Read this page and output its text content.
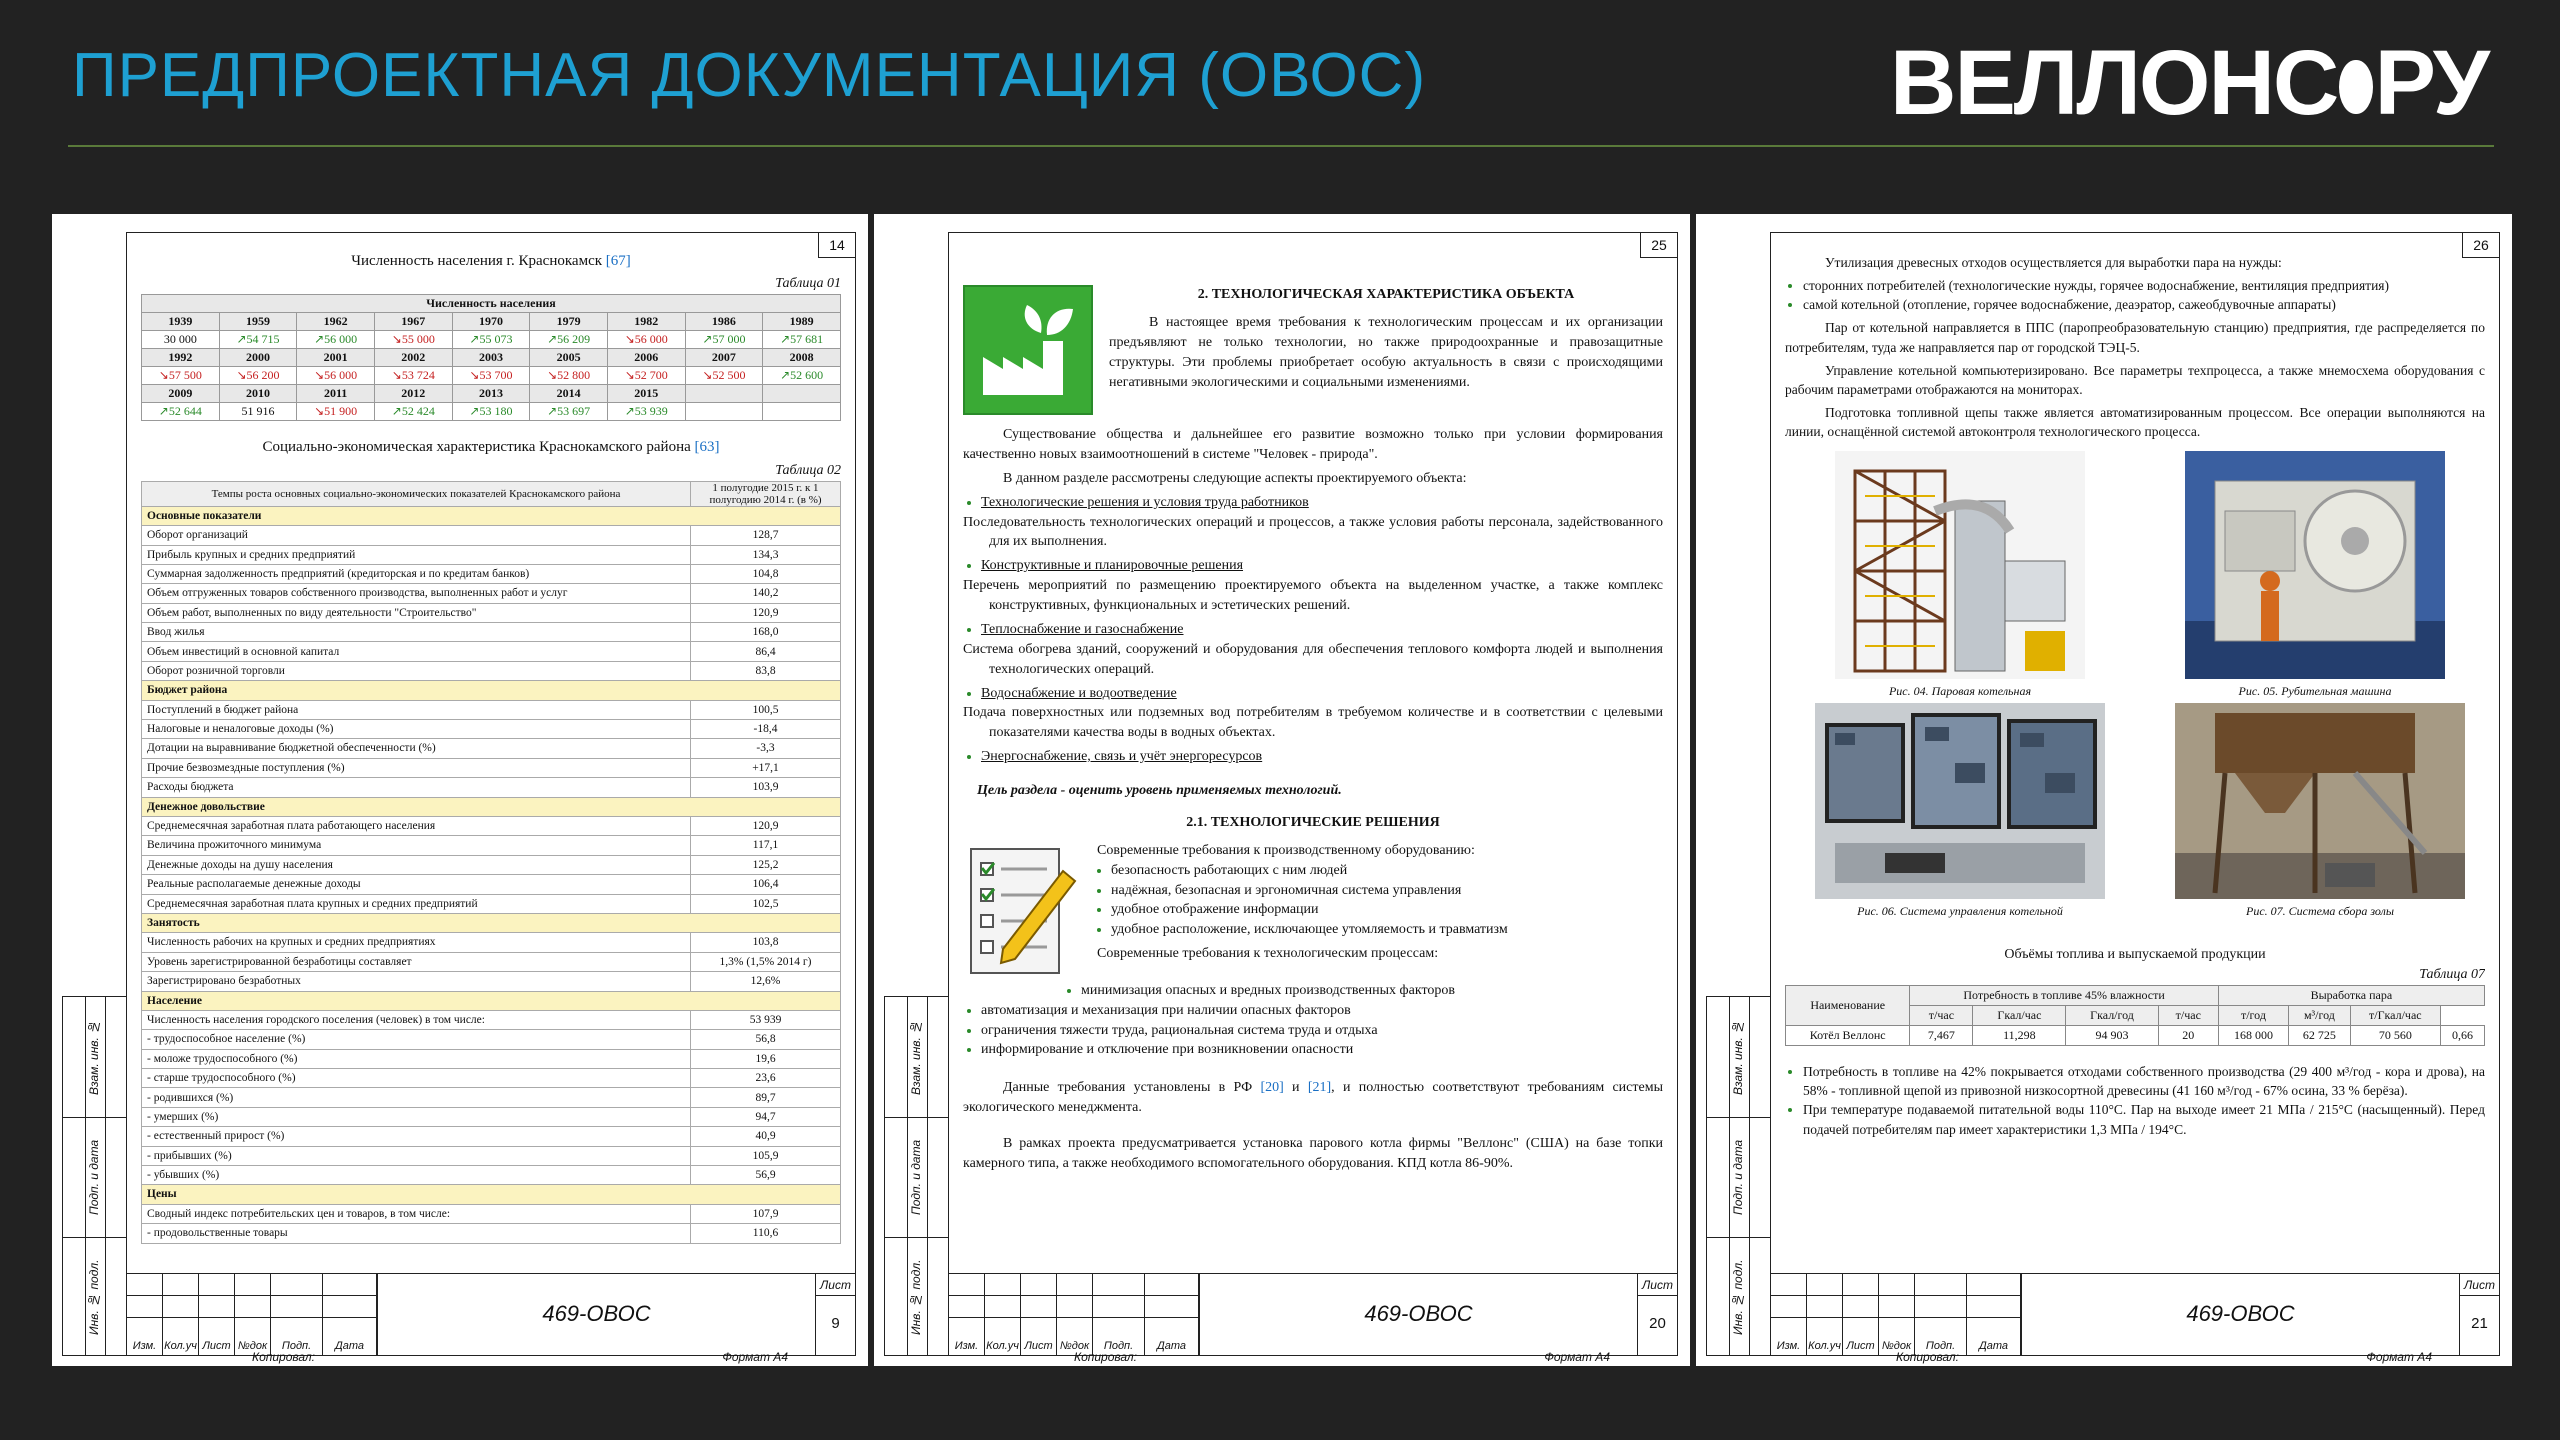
ПРЕДПРОЕКТНАЯ ДОКУМЕНТАЦИЯ (ОВОС)	ВЕЛЛОНС РУ
Инв. № подл.
Подп. и дата
Взам. инв. №
14
Численность населения г. Краснокамск [67]
Таблица 01
Численность населения								
1939	1959	1962	1967	1970	1979	1982	1986	1989
30 000	↗54 715	↗56 000	↘55 000	↗55 073	↗56 209	↘56 000	↗57 000	↗57 681
1992	2000	2001	2002	2003	2005	2006	2007	2008
↘57 500	↘56 200	↘56 000	↘53 724	↘53 700	↘52 800	↘52 700	↘52 500	↗52 600
2009	2010	2011	2012	2013	2014	2015		
↗52 644	51 916	↘51 900	↗52 424	↗53 180	↗53 697	↗53 939		
Социально-экономическая характеристика Краснокамского района [63]
Таблица 02
Темпы роста основных социально-экономических показателей Краснокамского района	1 полугодие 2015 г. к 1 полугодию 2014 г. (в %)
Основные показатели	
Оборот организаций	128,7
Прибыль крупных и средних предприятий	134,3
Суммарная задолженность предприятий (кредиторская и по кредитам банков)	104,8
Объем отгруженных товаров собственного производства, выполненных работ и услуг	140,2
Объем работ, выполненных по виду деятельности "Строительство"	120,9
Ввод жилья	168,0
Объем инвестиций в основной капитал	86,4
Оборот розничной торговли	83,8
Бюджет района	
Поступлений в бюджет района	100,5
Налоговые и неналоговые доходы (%)	-18,4
Дотации на выравнивание бюджетной обеспеченности (%)	-3,3
Прочие безвозмездные поступления (%)	+17,1
Расходы бюджета	103,9
Денежное довольствие	
Среднемесячная заработная плата работающего населения	120,9
Величина прожиточного минимума	117,1
Денежные доходы на душу населения	125,2
Реальные располагаемые денежные доходы	106,4
Среднемесячная заработная плата крупных и средних предприятий	102,5
Занятость	
Численность рабочих на крупных и средних предприятиях	103,8
Уровень зарегистрированной безработицы составляет	1,3% (1,5% 2014 г)
Зарегистрировано безработных	12,6%
Население	
Численность населения городского поселения (человек) в том числе:	53 939
- трудоспособное население (%)	56,8
- моложе трудоспособного (%)	19,6
- старше трудоспособного (%)	23,6
- родившихся (%)	89,7
- умерших (%)	94,7
- естественный прирост (%)	40,9
- прибывших (%)	105,9
- убывших (%)	56,9
Цены	
Сводный индекс потребительских цен и товаров, в том числе:	107,9
- продовольственные товары	110,6
Изм. Кол.уч Лист №док	Подп.	Дата
469-ОВОС
Лист
9
Копировал:	Формат А4
Инв. № подл.
Подп. и дата
Взам. инв. №
25
2. ТЕХНОЛОГИЧЕСКАЯ ХАРАКТЕРИСТИКА ОБЪЕКТА

В настоящее время требования к технологическим процессам и их организации предъявляют не только технологии, но также природоохранные и правозащитные структуры. Эти проблемы приобретает особую актуальность в связи с происходящими негативными экологическими и социальными изменениями.

Существование общества и дальнейшее его развитие возможно только при условии формирования качественно новых взаимоотношений в системе "Человек - природа".

В данном разделе рассмотрены следующие аспекты проектируемого объекта:

• Технологические решения и условия труда работников

Последовательность технологических операций и процессов, а также условия работы персонала, задействованного для их выполнения.

• Конструктивные и планировочные решения

Перечень мероприятий по размещению проектируемого объекта на выделенном участке, а также комплекс конструктивных, функциональных и эстетических решений.

• Теплоснабжение и газоснабжение

Система обогрева зданий, сооружений и оборудования для обеспечения теплового комфорта людей и выполнения технологических операций.

• Водоснабжение и водоотведение

Подача поверхностных или подземных вод потребителям в требуемом количестве и в соответствии с целевыми показателями качества воды в водных объектах.

• Энергоснабжение, связь и учёт энергоресурсов

Цель раздела - оценить уровень применяемых технологий.

2.1. ТЕХНОЛОГИЧЕСКИЕ РЕШЕНИЯ
Современные требования к производственному оборудованию:
• безопасность работающих с ним людей
• надёжная, безопасная и эргономичная система управления
• удобное отображение информации
• удобное расположение, исключающее утомляемость и травматизм
Современные требования к технологическим процессам:
• минимизация опасных и вредных производственных факторов
• автоматизация и механизация при наличии опасных факторов
• ограничения тяжести труда, рациональная система труда и отдыха
• информирование и отключение при возникновении опасности

Данные требования установлены в РФ [20] и [21], и полностью соответствуют требованиям системы экологического менеджмента.

В рамках проекта предусматривается установка парового котла фирмы "Веллонс" (США) на базе топки камерного типа, а также необходимого вспомогательного оборудования. КПД котла 86-90%.

Изм. Кол.уч Лист №док	Подп.	Дата
469-ОВОС
Лист
20
Копировал:	Формат А4
Инв. № подл.
Подп. и дата
Взам. инв. №
26

Утилизация древесных отходов осуществляется для выработки пара на нужды:

• сторонних потребителей (технологические нужды, горячее водоснабжение, вентиляция предприятия)
• самой котельной (отопление, горячее водоснабжение, деаэратор, сажеобдувочные аппараты)

Пар от котельной направляется в ППС (паропреобразовательную станцию) предприятия, где распределяется по потребителям, туда же направляется пар от городской ТЭЦ-5.

Управление котельной компьютеризировано. Все параметры техпроцесса, а также мнемосхема оборудования с рабочим параметрами отображаются на мониторах.

Подготовка топливной щепы также является автоматизированным процессом. Все операции выполняются на линии, оснащённой системой автоконтроля технологического процесса.

Рис. 04. Паровая котельная	Рис. 05. Рубительная машина
Рис. 06. Система управления котельной	Рис. 07. Система сбора золы
Объёмы топлива и выпускаемой продукции
Таблица 07
Наименование	Потребность в топливе 45% влажности				Выработка пара			
	т/час	Гкал/час	Гкал/год	т/час	т/год	м³/год	т/Гкал/час	
Котёл Веллонс	7,467	11,298	94 903	20	168 000	62 725	70 560	0,66
• Потребность в топливе на 42% покрывается отходами собственного производства (29 400 м³/год - кора и дрова), на 58% - топливной щепой из привозной низкосортной древесины (41 160 м³/год - 67% осина, 33 % берёза).
• При температуре подаваемой питательной воды 110°С. Пар на выходе имеет 21 МПа / 215°С (насыщенный). Перед подачей потребителям пар имеет характеристики 1,3 МПа / 194°С.
Изм. Кол.уч Лист №док	Подп.	Дата
469-ОВОС
Лист
21
Копировал:	Формат А4
